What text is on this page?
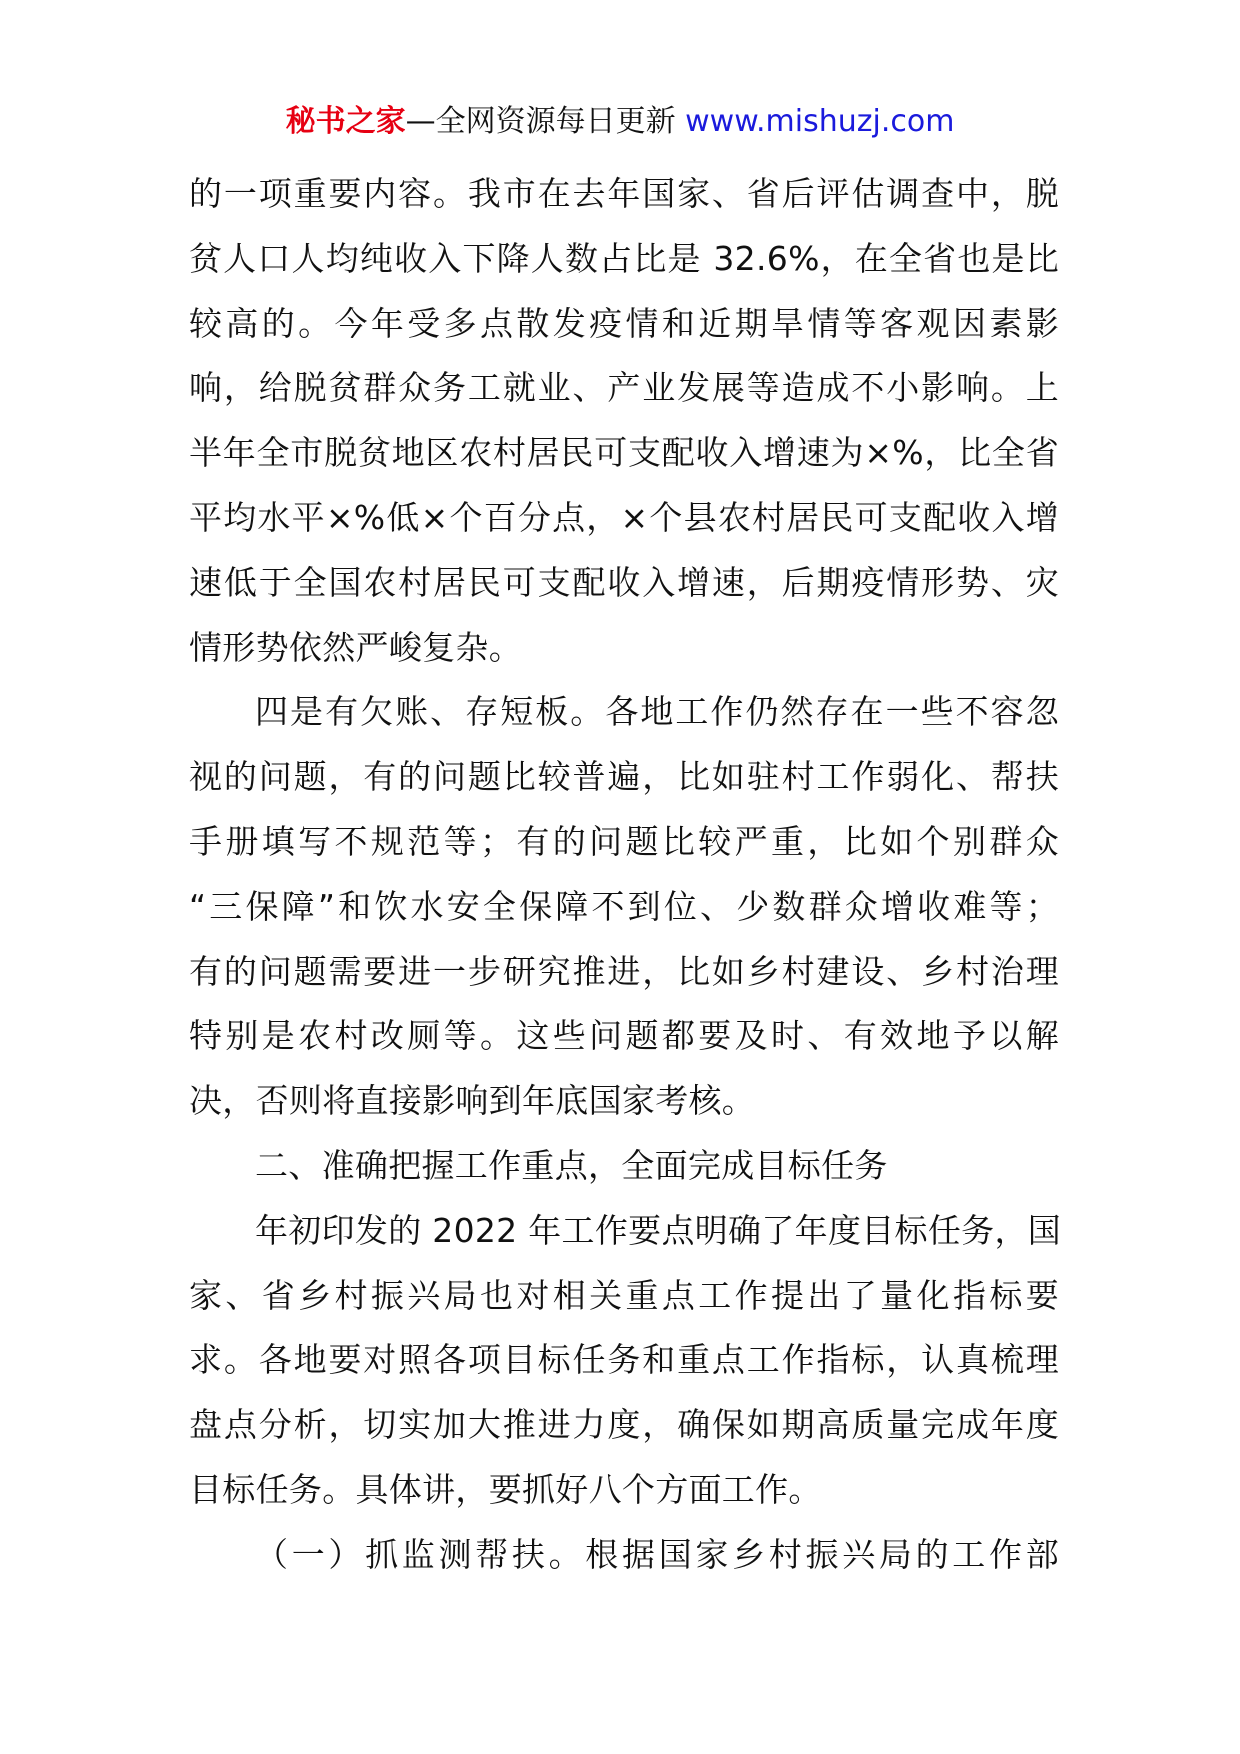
秘书之家—全网资源每日更新 www.mishuzj.com
的一项重要内容。我市在去年国家、省后评估调查中，脱
贫人口人均纯收入下降人数占比是 32.6%，在全省也是比
较高的。今年受多点散发疫情和近期旱情等客观因素影
响，给脱贫群众务工就业、产业发展等造成不小影响。上
半年全市脱贫地区农村居民可支配收入增速为×%，比全省
平均水平×%低×个百分点，×个县农村居民可支配收入增
速低于全国农村居民可支配收入增速，后期疫情形势、灾
情形势依然严峻复杂。
四是有欠账、存短板。各地工作仍然存在一些不容忽
视的问题，有的问题比较普遍，比如驻村工作弱化、帮扶
手册填写不规范等；有的问题比较严重，比如个别群众
“三保障”和饮水安全保障不到位、少数群众增收难等；
有的问题需要进一步研究推进，比如乡村建设、乡村治理
特别是农村改厕等。这些问题都要及时、有效地予以解
决，否则将直接影响到年底国家考核。
二、准确把握工作重点，全面完成目标任务
年初印发的 2022 年工作要点明确了年度目标任务，国
家、省乡村振兴局也对相关重点工作提出了量化指标要
求。各地要对照各项目标任务和重点工作指标，认真梳理
盘点分析，切实加大推进力度，确保如期高质量完成年度
目标任务。具体讲，要抓好八个方面工作。
（一）抓监测帮扶。根据国家乡村振兴局的工作部
